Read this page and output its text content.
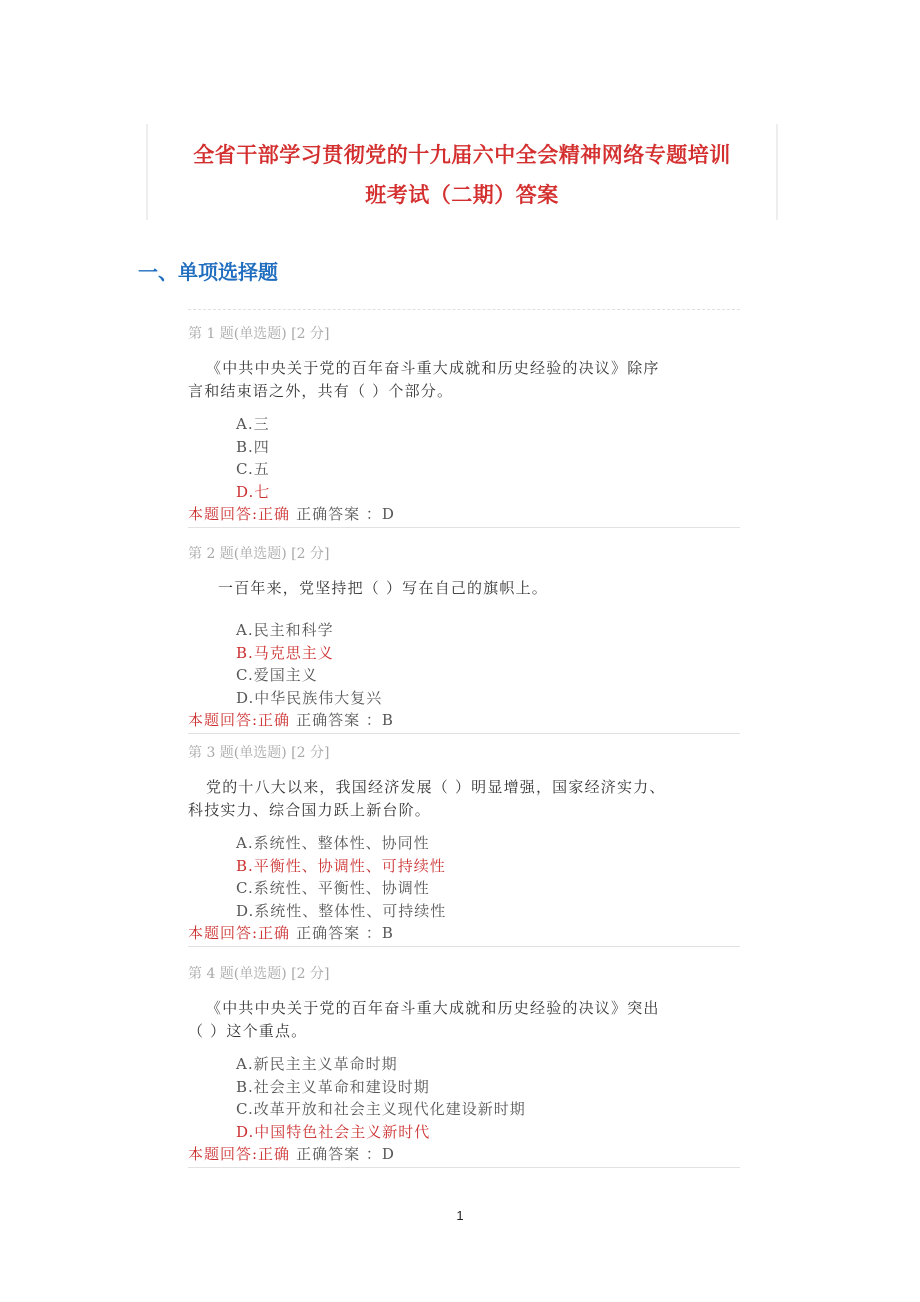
全省干部学习贯彻党的十九届六中全会精神网络专题培训
班考试（二期）答案
一、单项选择题
第 1 题(单选题) [2 分]
《中共中央关于党的百年奋斗重大成就和历史经验的决议》除序
言和结束语之外，共有（ ）个部分。
A.三
B.四
C.五
D.七
本题回答:正确 正确答案 ：D
第 2 题(单选题) [2 分]
一百年来，党坚持把（ ）写在自己的旗帜上。
A.民主和科学
B.马克思主义
C.爱国主义
D.中华民族伟大复兴
本题回答:正确 正确答案 ：B
第 3 题(单选题) [2 分]
党的十八大以来，我国经济发展（ ）明显增强，国家经济实力、
科技实力、综合国力跃上新台阶。
A.系统性、整体性、协同性
B.平衡性、协调性、可持续性
C.系统性、平衡性、协调性
D.系统性、整体性、可持续性
本题回答:正确 正确答案 ：B
第 4 题(单选题) [2 分]
《中共中央关于党的百年奋斗重大成就和历史经验的决议》突出
（ ）这个重点。
A.新民主主义革命时期
B.社会主义革命和建设时期
C.改革开放和社会主义现代化建设新时期
D.中国特色社会主义新时代
本题回答:正确 正确答案 ：D
1
